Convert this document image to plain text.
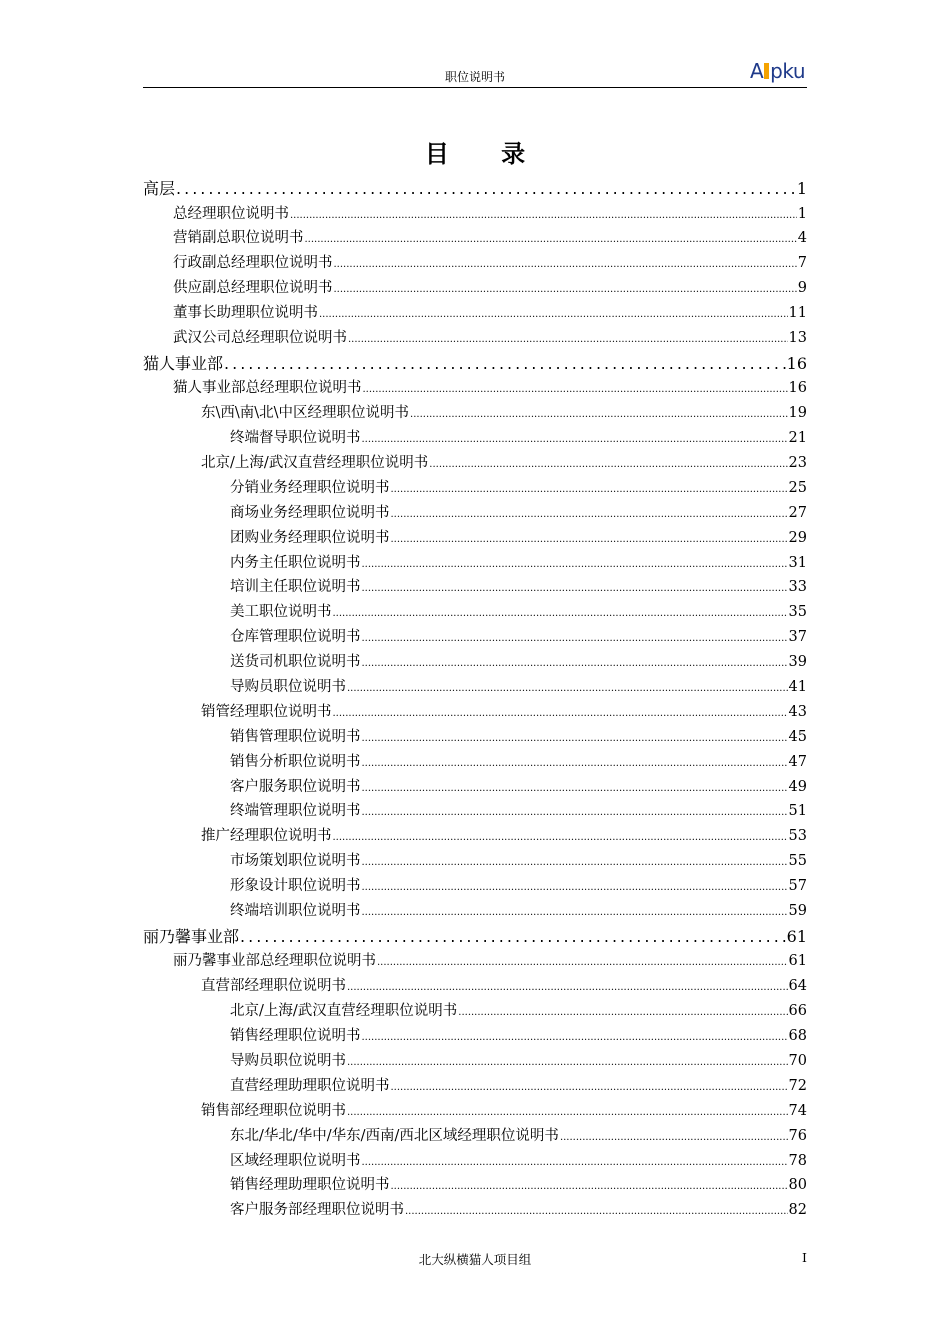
职位说明书	A pku
目 录
高层 .....	1
总经理职位说明书 .....	1
营销副总职位说明书 .....	4
行政副总经理职位说明书 .....	7
供应副总经理职位说明书 .....	9
董事长助理职位说明书 .....	11
武汉公司总经理职位说明书 .....	13
猫人事业部 .....	16
猫人事业部总经理职位说明书 .....	16
东\西\南\北\中区经理职位说明书 .....	19
终端督导职位说明书 .....	21
北京/上海/武汉直营经理职位说明书 .....	23
分销业务经理职位说明书 .....	25
商场业务经理职位说明书 .....	27
团购业务经理职位说明书 .....	29
内务主任职位说明书 .....	31
培训主任职位说明书 .....	33
美工职位说明书 .....	35
仓库管理职位说明书 .....	37
送货司机职位说明书 .....	39
导购员职位说明书 .....	41
销管经理职位说明书 .....	43
销售管理职位说明书 .....	45
销售分析职位说明书 .....	47
客户服务职位说明书 .....	49
终端管理职位说明书 .....	51
推广经理职位说明书 .....	53
市场策划职位说明书 .....	55
形象设计职位说明书 .....	57
终端培训职位说明书 .....	59
丽乃馨事业部 .....	61
丽乃馨事业部总经理职位说明书 .....	61
直营部经理职位说明书 .....	64
北京/上海/武汉直营经理职位说明书 .....	66
销售经理职位说明书 .....	68
导购员职位说明书 .....	70
直营经理助理职位说明书 .....	72
销售部经理职位说明书 .....	74
东北/华北/华中/华东/西南/西北区域经理职位说明书 .....	76
区域经理职位说明书 .....	78
销售经理助理职位说明书 .....	80
客户服务部经理职位说明书 .....	82
北大纵横猫人项目组	I
